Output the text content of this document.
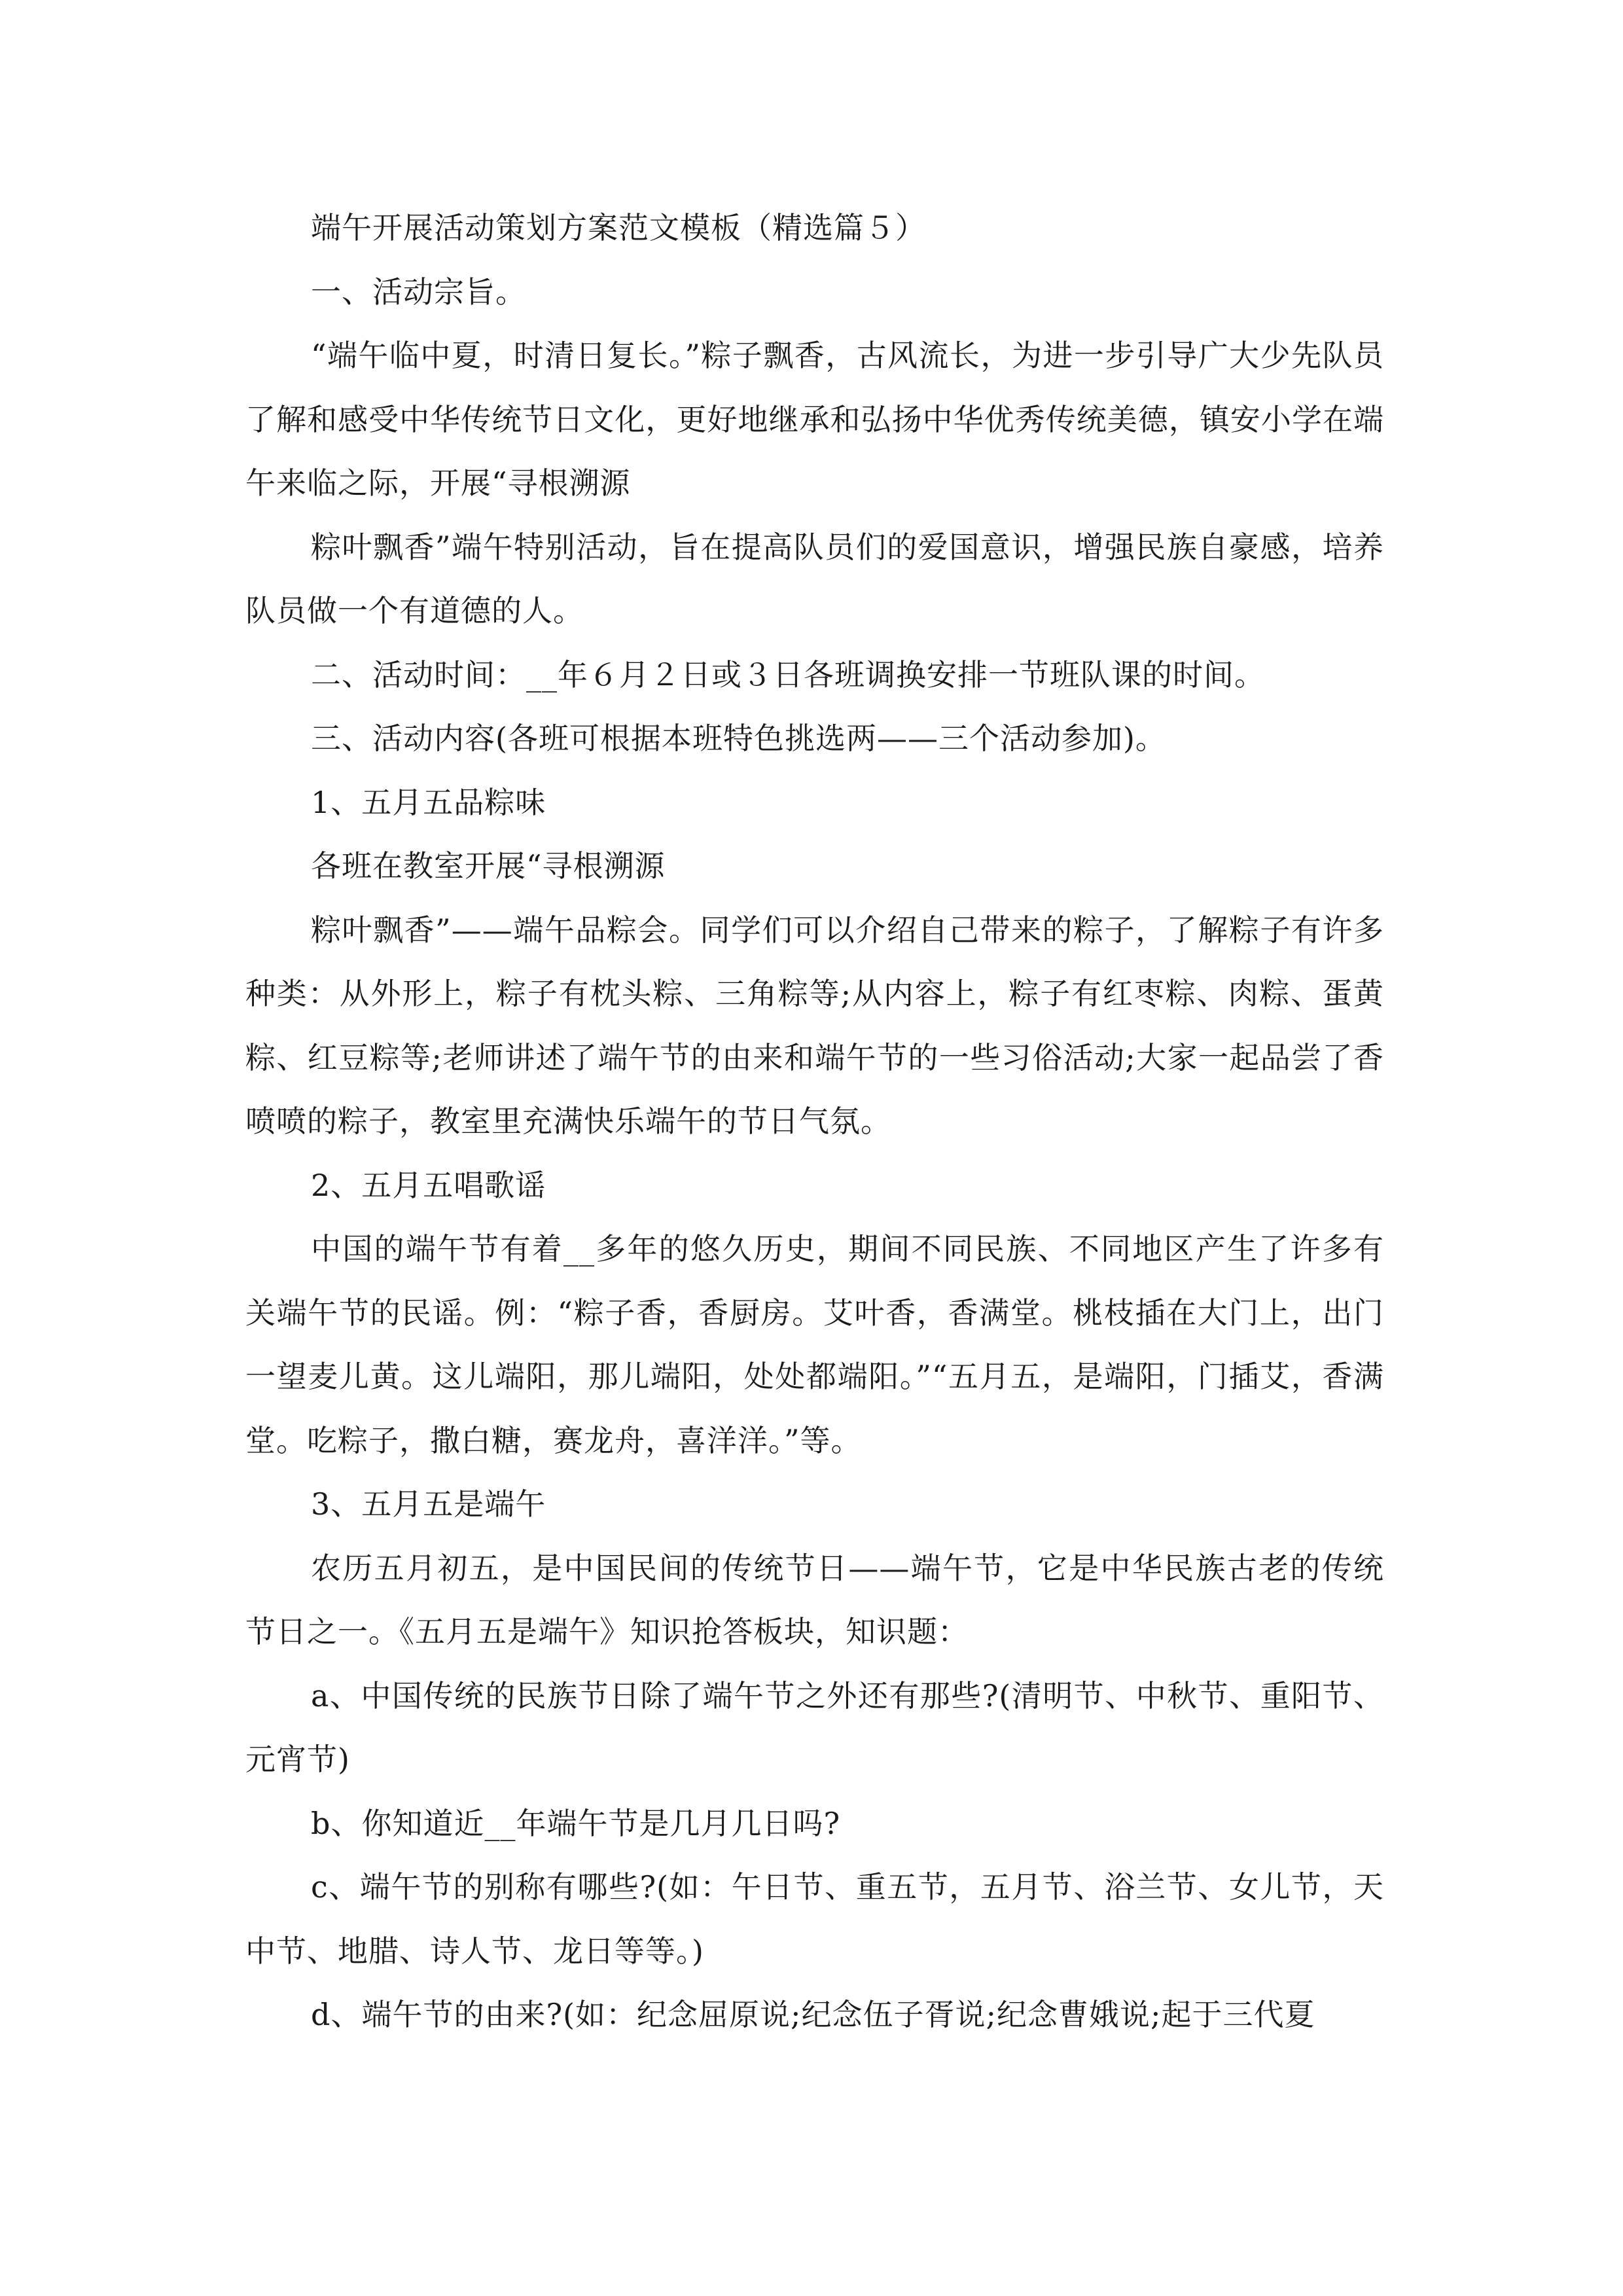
端午开展活动策划方案范文模板（精选篇５）

一、活动宗旨。

“端午临中夏，时清日复长。”粽子飘香，古风流长，为进一步引导广大少先队员了解和感受中华传统节日文化，更好地继承和弘扬中华优秀传统美德，镇安小学在端午来临之际，开展“寻根溯源

粽叶飘香”端午特别活动，旨在提高队员们的爱国意识，增强民族自豪感，培养队员做一个有道德的人。

二、活动时间：__年６月２日或３日各班调换安排一节班队课的时间。

三、活动内容(各班可根据本班特色挑选两——三个活动参加)。

1、五月五品粽味

各班在教室开展“寻根溯源

粽叶飘香”——端午品粽会。同学们可以介绍自己带来的粽子，了解粽子有许多种类：从外形上，粽子有枕头粽、三角粽等;从内容上，粽子有红枣粽、肉粽、蛋黄粽、红豆粽等;老师讲述了端午节的由来和端午节的一些习俗活动;大家一起品尝了香喷喷的粽子，教室里充满快乐端午的节日气氛。

2、五月五唱歌谣

中国的端午节有着__多年的悠久历史，期间不同民族、不同地区产生了许多有关端午节的民谣。例：“粽子香，香厨房。艾叶香，香满堂。桃枝插在大门上，出门一望麦儿黄。这儿端阳，那儿端阳，处处都端阳。”“五月五，是端阳，门插艾，香满堂。吃粽子，撒白糖，赛龙舟，喜洋洋。”等。

3、五月五是端午

农历五月初五，是中国民间的传统节日——端午节，它是中华民族古老的传统节日之一。《五月五是端午》知识抢答板块，知识题：

a、中国传统的民族节日除了端午节之外还有那些?(清明节、中秋节、重阳节、元宵节)

b、你知道近__年端午节是几月几日吗?

c、端午节的别称有哪些?(如：午日节、重五节，五月节、浴兰节、女儿节，天中节、地腊、诗人节、龙日等等。)

d、端午节的由来?(如：纪念屈原说;纪念伍子胥说;纪念曹娥说;起于三代夏
